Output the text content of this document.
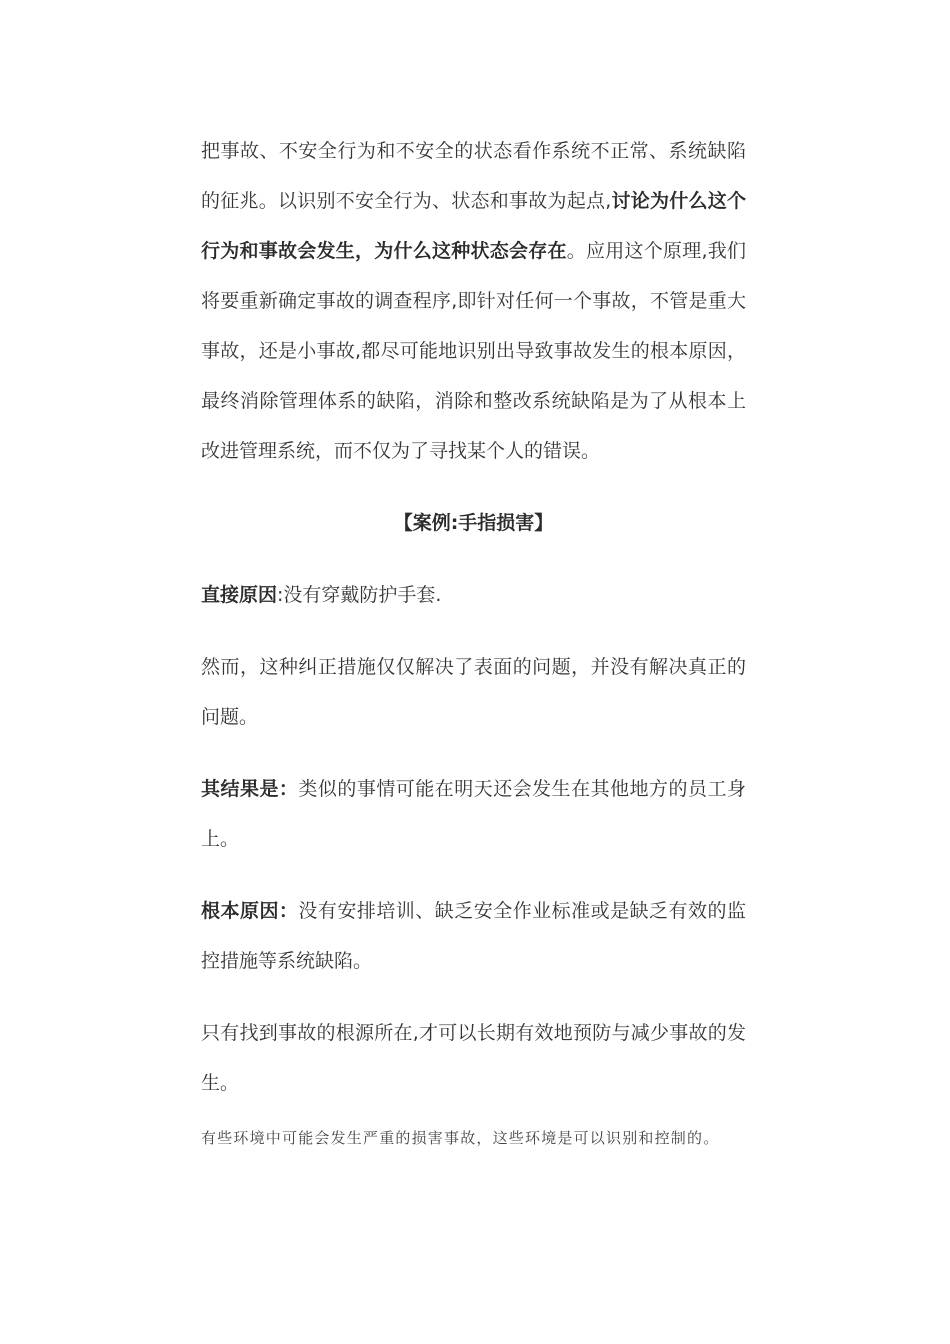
把事故、不安全行为和不安全的状态看作系统不正常、系统缺陷的征兆。以识别不安全行为、状态和事故为起点,讨论为什么这个行为和事故会发生，为什么这种状态会存在。应用这个原理,我们将要重新确定事故的调查程序,即针对任何一个事故，不管是重大事故，还是小事故,都尽可能地识别出导致事故发生的根本原因，最终消除管理体系的缺陷，消除和整改系统缺陷是为了从根本上改进管理系统，而不仅为了寻找某个人的错误。

【案例:手指损害】

直接原因:没有穿戴防护手套.

然而，这种纠正措施仅仅解决了表面的问题，并没有解决真正的问题。

其结果是：类似的事情可能在明天还会发生在其他地方的员工身上。

根本原因：没有安排培训、缺乏安全作业标准或是缺乏有效的监控措施等系统缺陷。

只有找到事故的根源所在,才可以长期有效地预防与减少事故的发生。

有些环境中可能会发生严重的损害事故，这些环境是可以识别和控制的。
